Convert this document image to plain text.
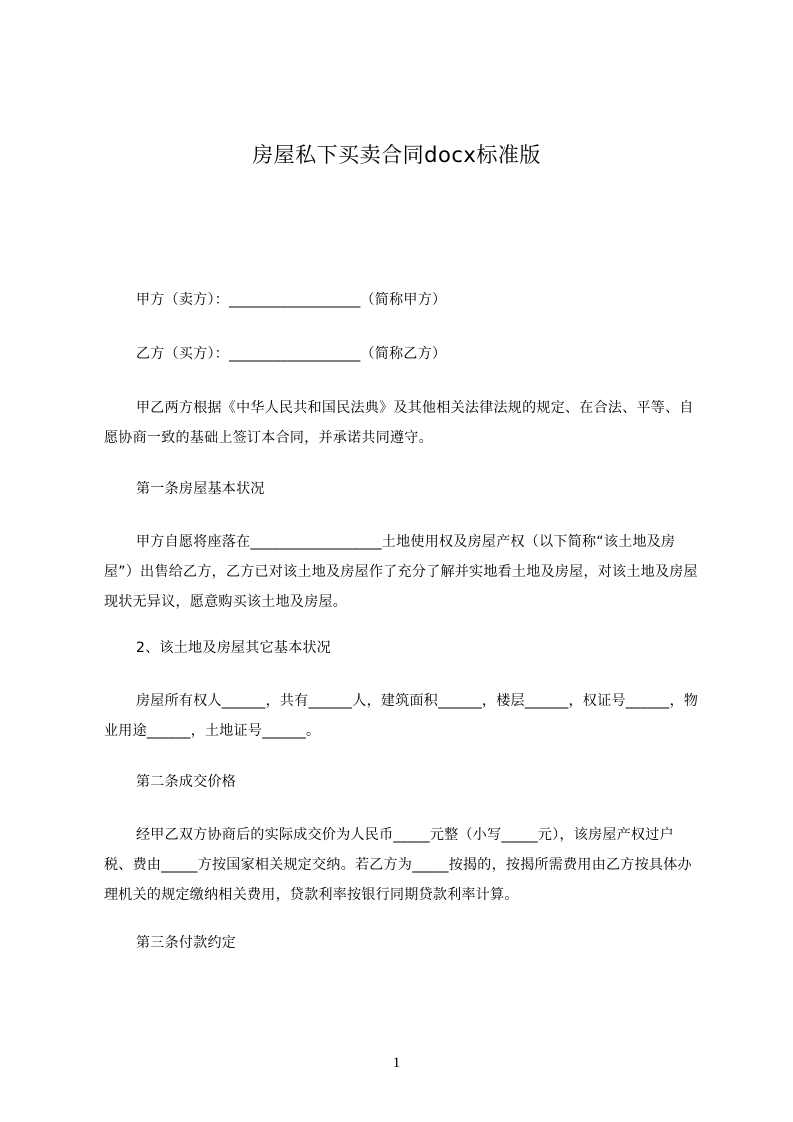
房屋私下买卖合同docx标准版

甲方（卖方）：__________________（简称甲方）

乙方（买方）：__________________（简称乙方）

甲乙两方根据《中华人民共和国民法典》及其他相关法律法规的规定、在合法、平等、自愿协商一致的基础上签订本合同，并承诺共同遵守。

第一条房屋基本状况

甲方自愿将座落在__________________土地使用权及房屋产权（以下简称“该土地及房屋”）出售给乙方，乙方已对该土地及房屋作了充分了解并实地看土地及房屋，对该土地及房屋现状无异议，愿意购买该土地及房屋。

2、该土地及房屋其它基本状况

房屋所有权人______，共有______人，建筑面积______，楼层______，权证号______，物业用途______，土地证号______。

第二条成交价格

经甲乙双方协商后的实际成交价为人民币_____元整（小写_____元），该房屋产权过户税、费由_____方按国家相关规定交纳。若乙方为_____按揭的，按揭所需费用由乙方按具体办理机关的规定缴纳相关费用，贷款利率按银行同期贷款利率计算。

第三条付款约定

1
